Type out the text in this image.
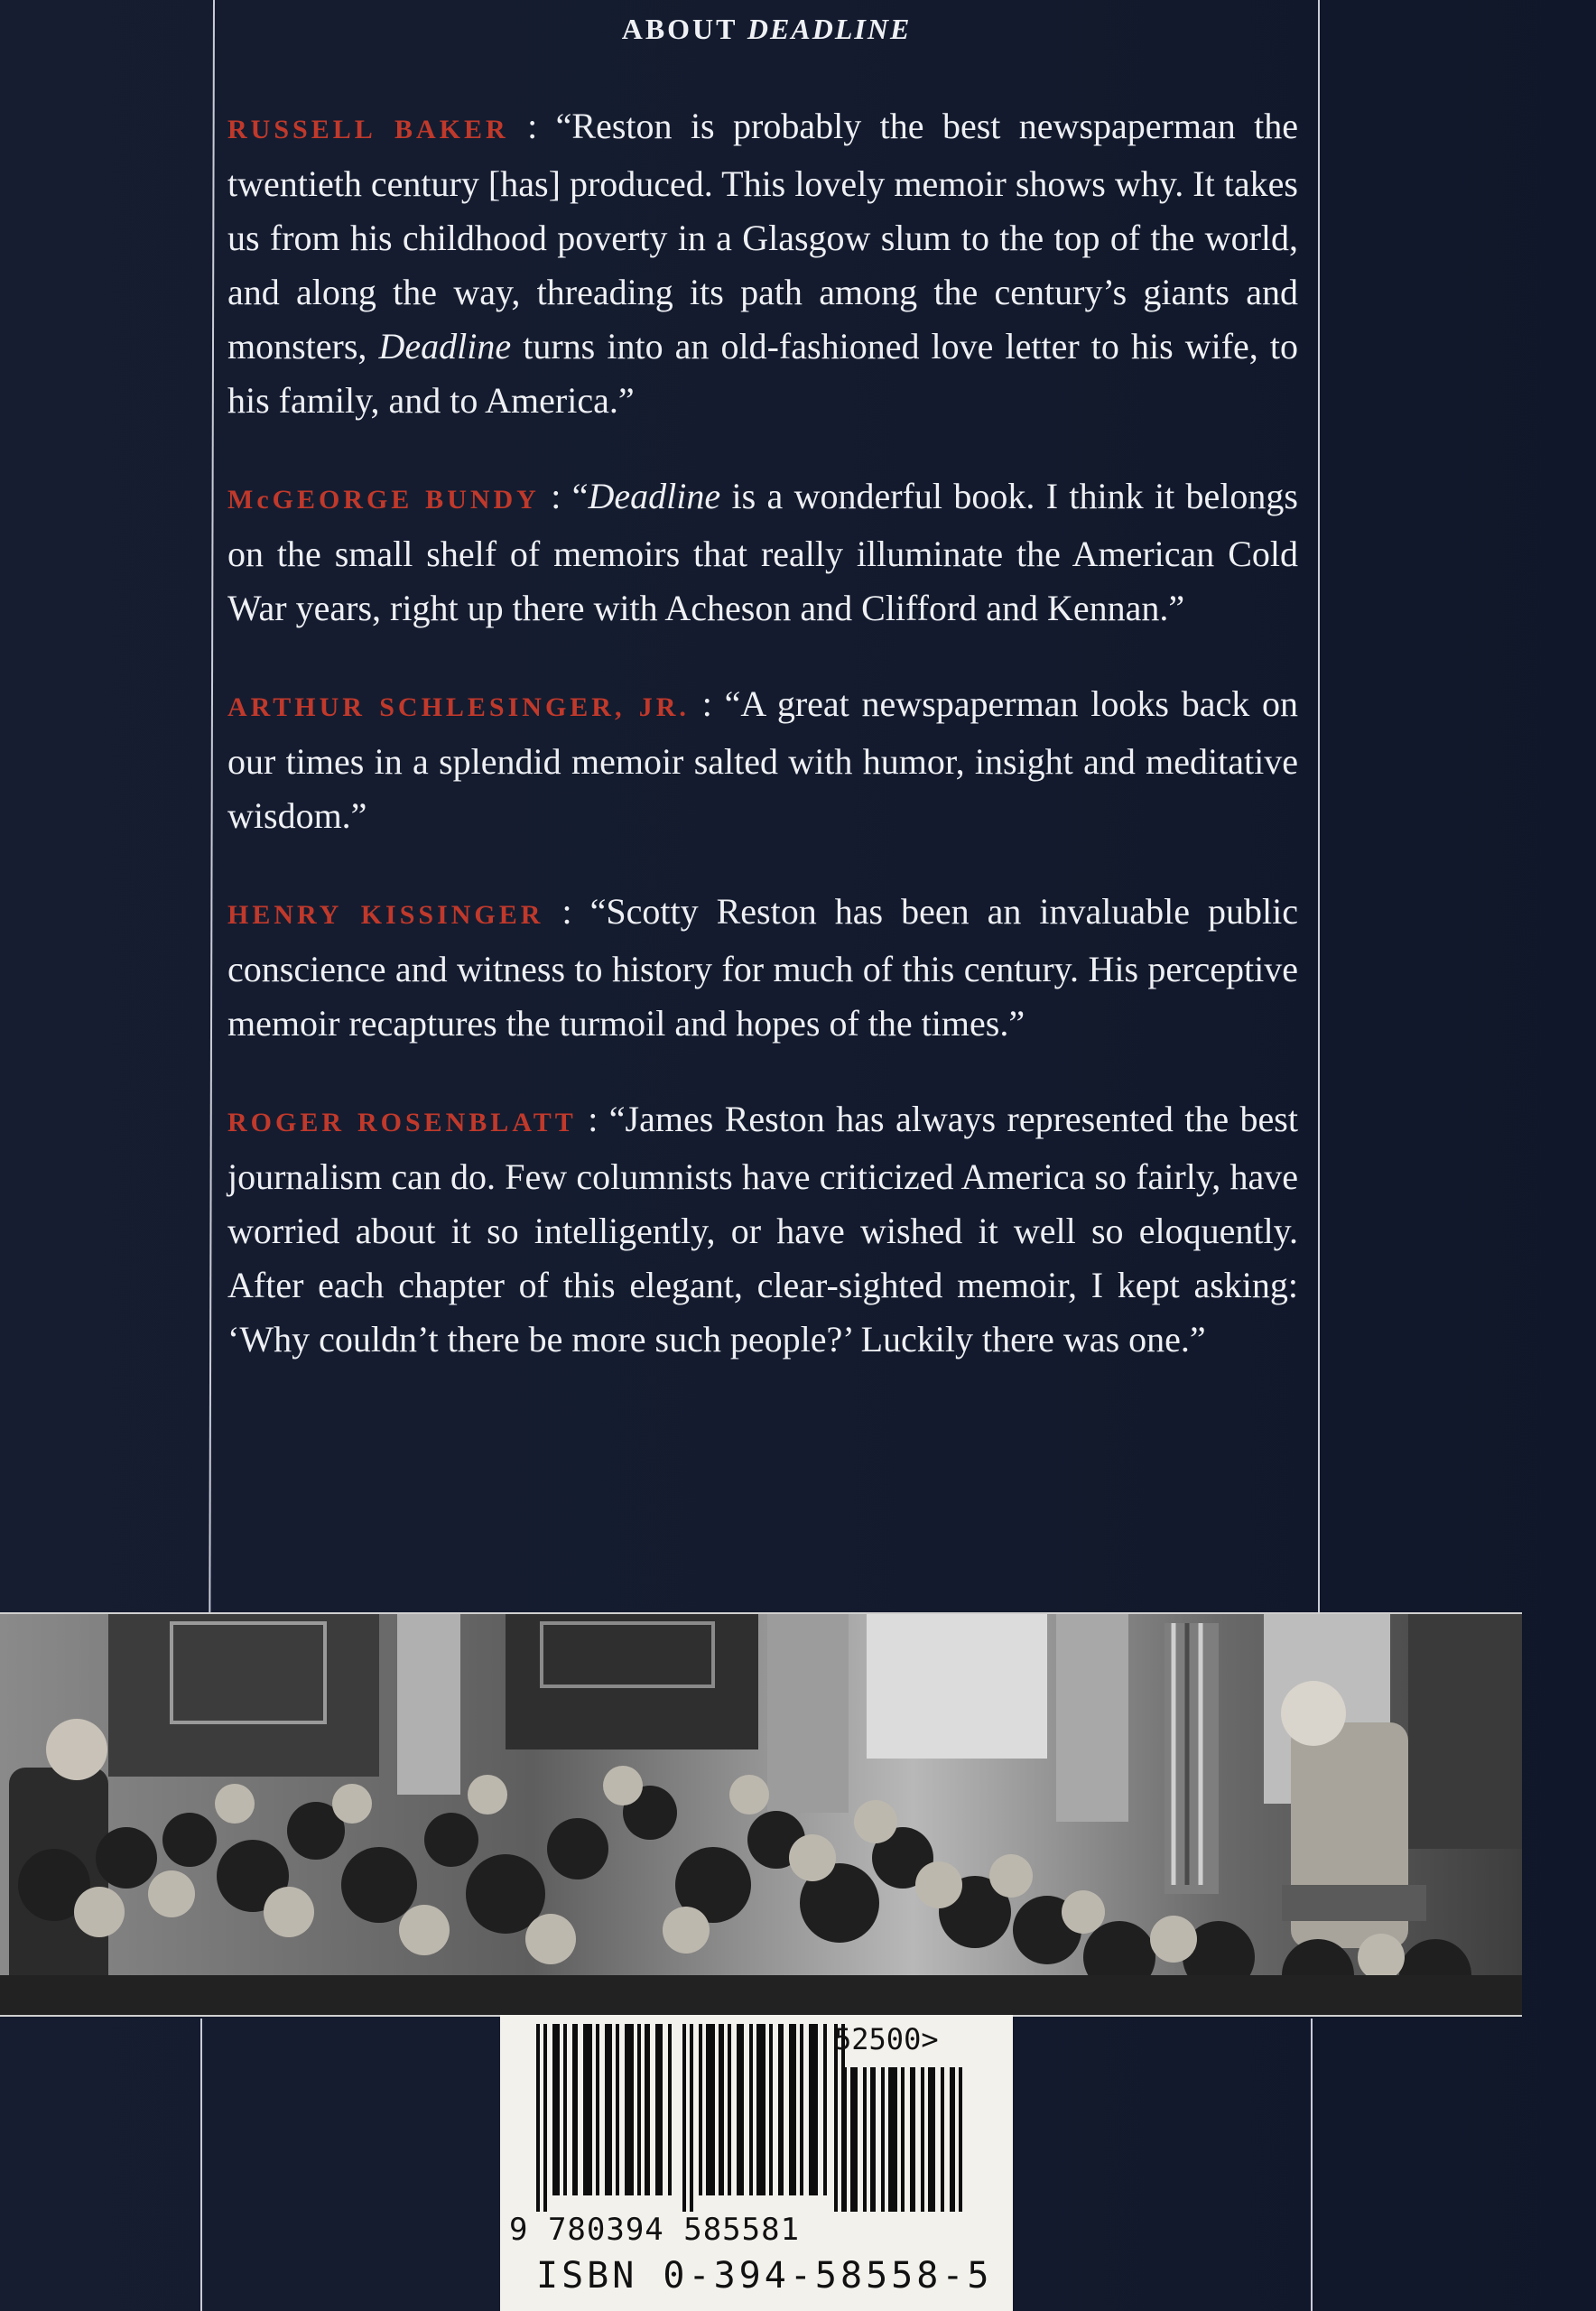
ABOUT DEADLINE

RUSSELL BAKER : “Reston is probably the best newspaperman the twentieth century [has] produced. This lovely memoir shows why. It takes us from his childhood poverty in a Glasgow slum to the top of the world, and along the way, threading its path among the century’s giants and monsters, Deadline turns into an old-fashioned love letter to his wife, to his family, and to America.”

McGEORGE BUNDY : “Deadline is a wonderful book. I think it belongs on the small shelf of memoirs that really illuminate the American Cold War years, right up there with Acheson and Clifford and Kennan.”

ARTHUR SCHLESINGER, JR. : “A great newspaperman looks back on our times in a splendid memoir salted with humor, insight and meditative wisdom.”

HENRY KISSINGER : “Scotty Reston has been an invaluable public conscience and witness to history for much of this century. His perceptive memoir recaptures the turmoil and hopes of the times.”

ROGER ROSENBLATT : “James Reston has always represented the best journalism can do. Few columnists have criticized America so fairly, have worried about it so intelligently, or have wished it well so eloquently. After each chapter of this elegant, clear-sighted memoir, I kept asking: ‘Why couldn’t there be more such people?’ Luckily there was one.”

52500>
9 780394 585581
ISBN 0-394-58558-5
